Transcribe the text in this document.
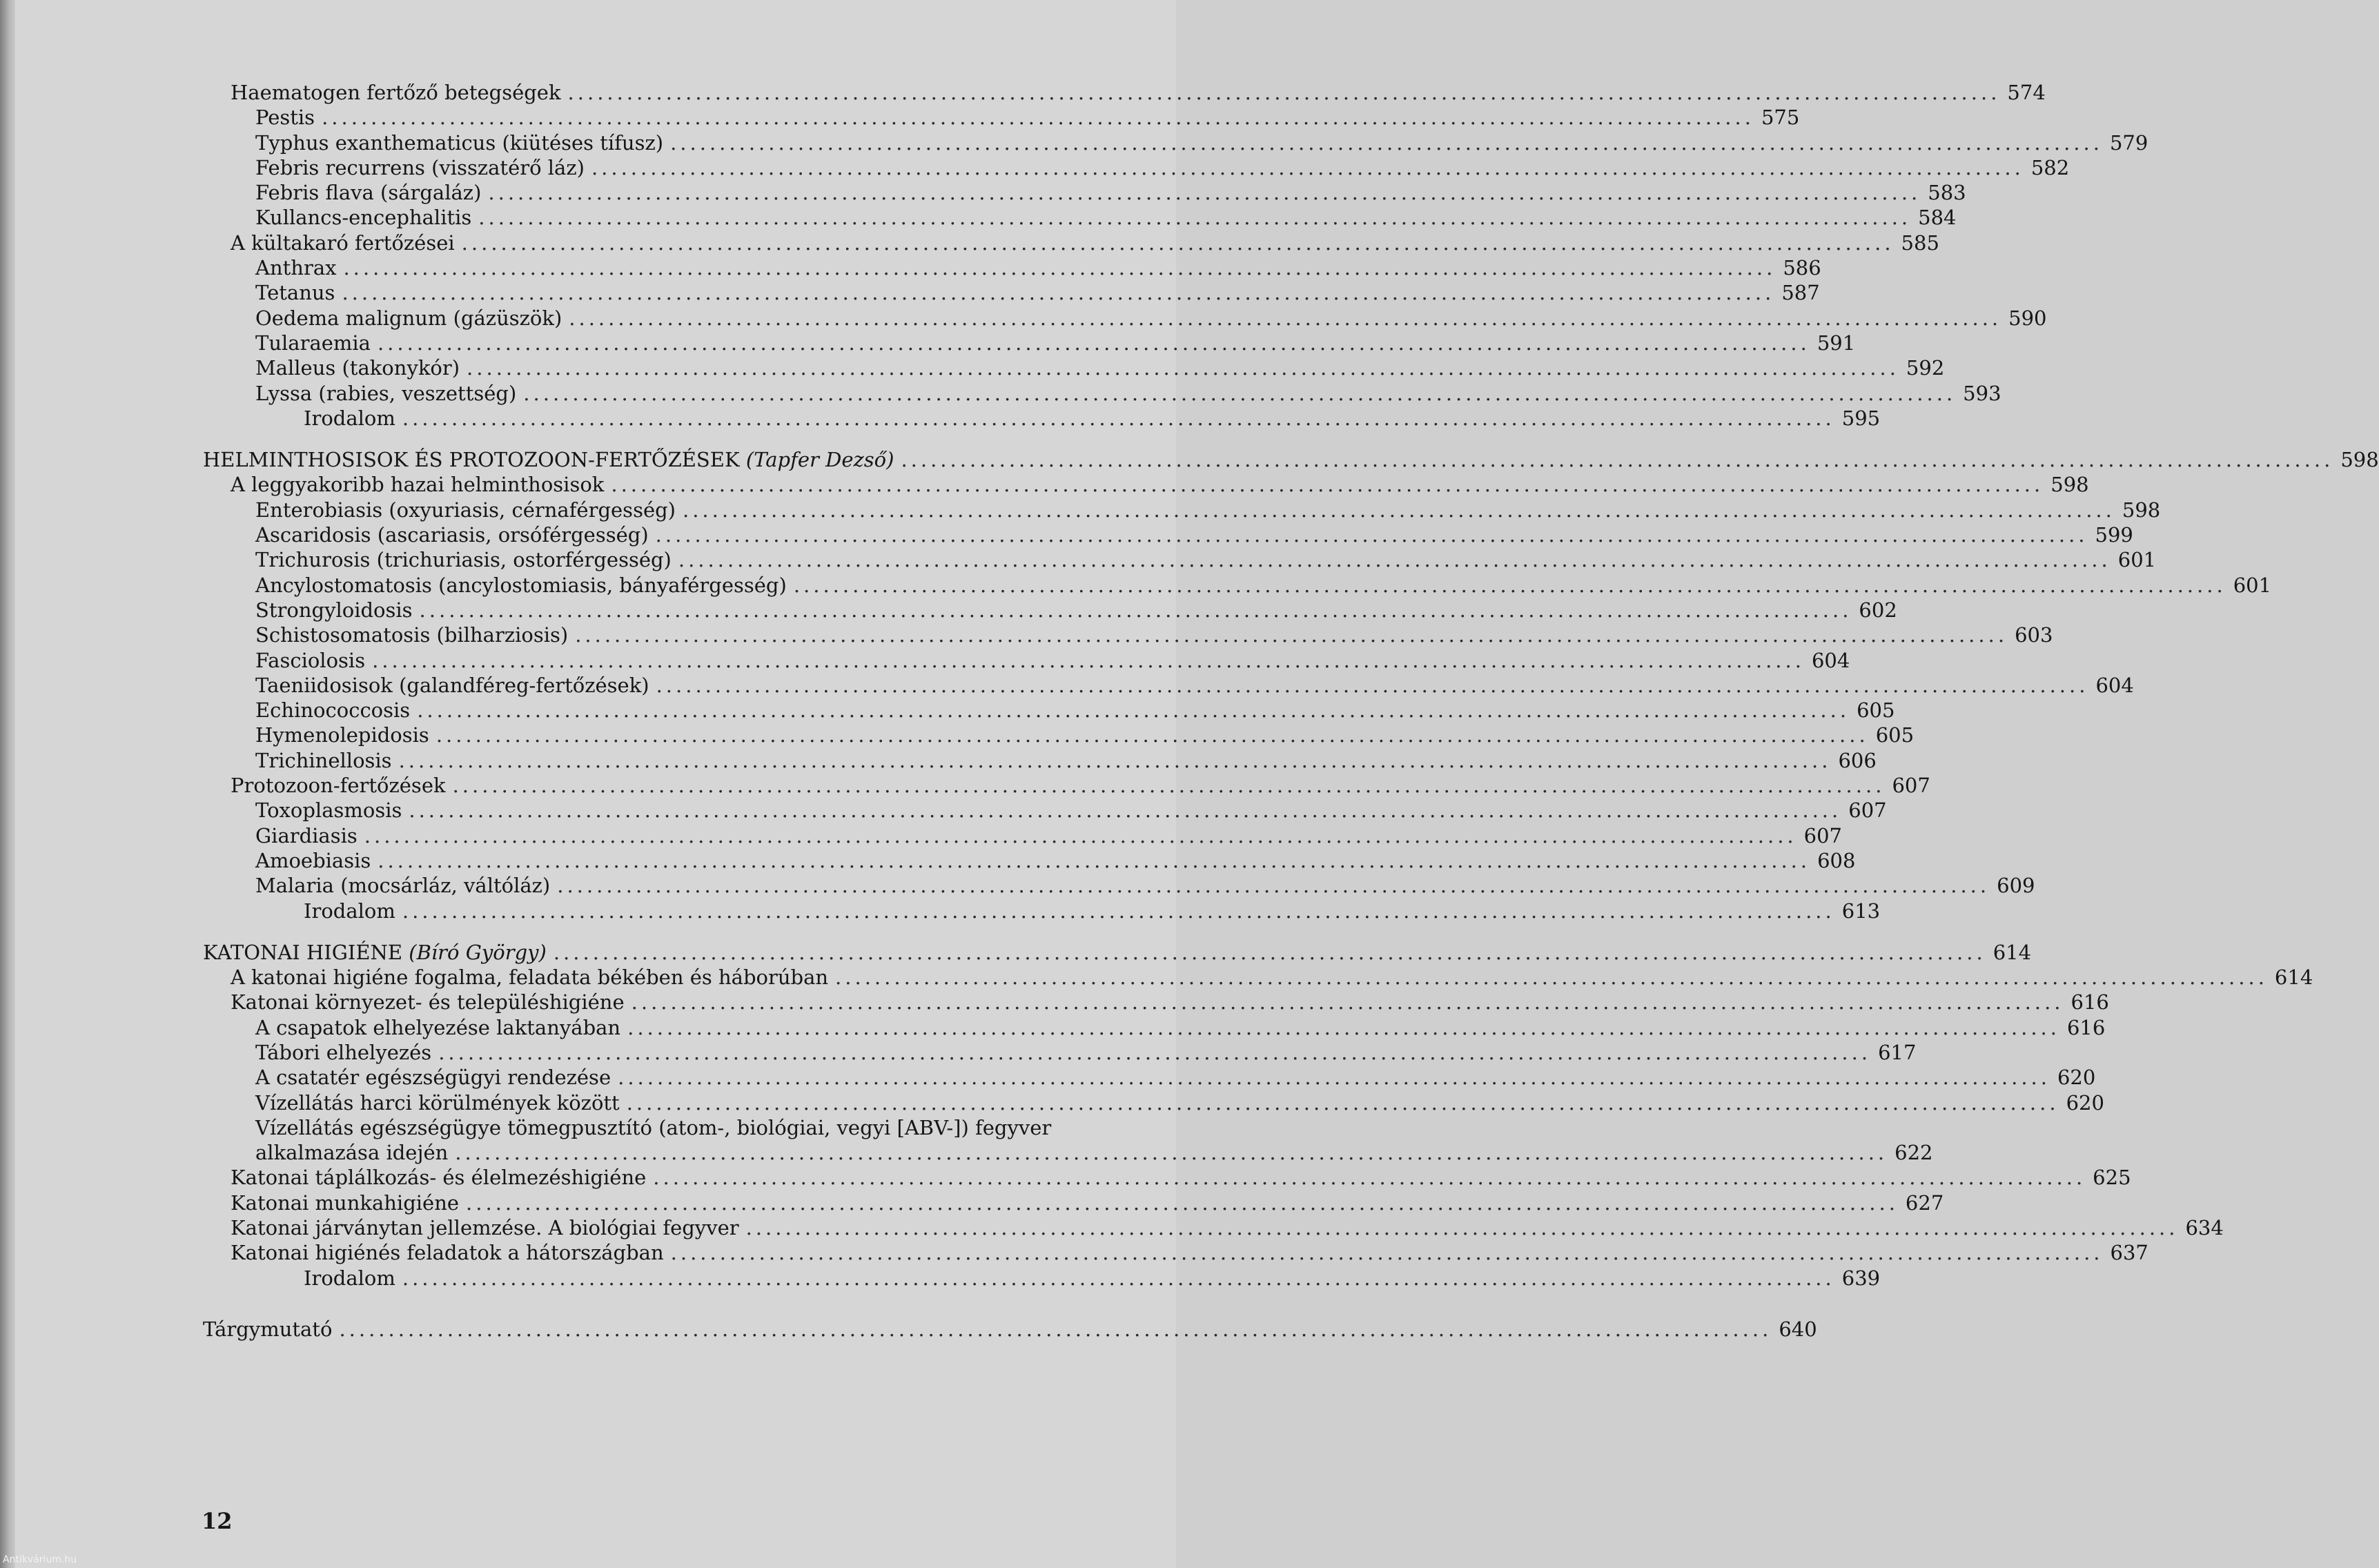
Haematogen fertőző betegségek .................................................................................................................................................. 574
Pestis .................................................................................................................................................. 575
Typhus exanthematicus (kiütéses tífusz) .................................................................................................................................................. 579
Febris recurrens (visszatérő láz) .................................................................................................................................................. 582
Febris flava (sárgaláz) .................................................................................................................................................. 583
Kullancs-encephalitis .................................................................................................................................................. 584
A kültakaró fertőzései .................................................................................................................................................. 585
Anthrax .................................................................................................................................................. 586
Tetanus .................................................................................................................................................. 587
Oedema malignum (gázüszök) .................................................................................................................................................. 590
Tularaemia .................................................................................................................................................. 591
Malleus (takonykór) .................................................................................................................................................. 592
Lyssa (rabies, veszettség) .................................................................................................................................................. 593
Irodalom .................................................................................................................................................. 595
HELMINTHOSISOK ÉS PROTOZOON-FERTŐZÉSEK (Tapfer Dezső) .................................................................................................................................................. 598
A leggyakoribb hazai helminthosisok .................................................................................................................................................. 598
Enterobiasis (oxyuriasis, cérnaférgesség) .................................................................................................................................................. 598
Ascaridosis (ascariasis, orsóférgesség) .................................................................................................................................................. 599
Trichurosis (trichuriasis, ostorférgesség) .................................................................................................................................................. 601
Ancylostomatosis (ancylostomiasis, bányaférgesség) .................................................................................................................................................. 601
Strongyloidosis .................................................................................................................................................. 602
Schistosomatosis (bilharziosis) .................................................................................................................................................. 603
Fasciolosis .................................................................................................................................................. 604
Taeniidosisok (galandféreg-fertőzések) .................................................................................................................................................. 604
Echinococcosis .................................................................................................................................................. 605
Hymenolepidosis .................................................................................................................................................. 605
Trichinellosis .................................................................................................................................................. 606
Protozoon-fertőzések .................................................................................................................................................. 607
Toxoplasmosis .................................................................................................................................................. 607
Giardiasis .................................................................................................................................................. 607
Amoebiasis .................................................................................................................................................. 608
Malaria (mocsárláz, váltóláz) .................................................................................................................................................. 609
Irodalom .................................................................................................................................................. 613
KATONAI HIGIÉNE (Bíró György) .................................................................................................................................................. 614
A katonai higiéne fogalma, feladata békében és háborúban .................................................................................................................................................. 614
Katonai környezet- és településhigiéne .................................................................................................................................................. 616
A csapatok elhelyezése laktanyában .................................................................................................................................................. 616
Tábori elhelyezés .................................................................................................................................................. 617
A csatatér egészségügyi rendezése .................................................................................................................................................. 620
Vízellátás harci körülmények között .................................................................................................................................................. 620
Vízellátás egészségügye tömegpusztító (atom-, biológiai, vegyi [ABV-]) fegyver
alkalmazása idején .................................................................................................................................................. 622
Katonai táplálkozás- és élelmezéshigiéne .................................................................................................................................................. 625
Katonai munkahigiéne .................................................................................................................................................. 627
Katonai járványtan jellemzése. A biológiai fegyver .................................................................................................................................................. 634
Katonai higiénés feladatok a hátországban .................................................................................................................................................. 637
Irodalom .................................................................................................................................................. 639
Tárgymutató .................................................................................................................................................. 640
12
Antikvárium.hu
